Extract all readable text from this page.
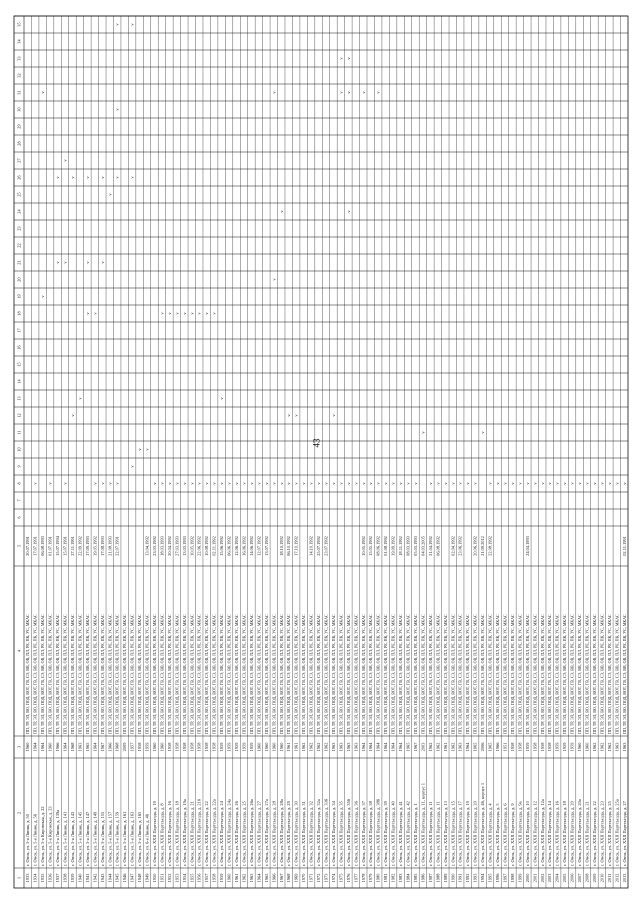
43
1
2
3
4
5
6
7
8
9
10
11
12
13
14
15
16
17
18
19
20
21
22
23
24
25
26
27
28
29
30
31
32
33
34
35
1933
г. Омск, ул. 5-я Линия, д. 50
1960
ПП, ТР, ЭЛ, ВО, ПОД, ВОТ, ГВ, СЭ, ВВ, ОВ, ПЛ, РЕ, ПК, УС, МКАС
20.07.1991
1934
г. Омск, ул. 5-я Линия, д. 56
1964
ПП, ТР, ЭЛ, ВО, ПОД, ВОТ, ГВ, СЭ, ВВ, ОВ, ПЛ, РЕ, ПК, УС, МКАС
17.07.1991
v
1935
г. Омск, ул. 5-я Кировская, д. 22
1964
ПП, ТР, ЭЛ, ВО, ПОД, ВОТ, ГВ, СЭ, ВВ, ОВ, ПЛ, РЕ, ПК, УС, МКАС
06.08.1993
v
v
1936
г. Омск, ул. 5-я Кировская, д. 23
1960
ПП, ТР, ЭЛ, ВО, ПОД, ВОТ, ГВ, СЭ, ВВ, ОВ, ПЛ, РЕ, ПК, УС, МКАС
01.07.1991
v
1937
г. Омск, ул. 5-я Линия, д. 139а
1966
ПП, ТР, ЭЛ, ВО, ПОД, ВОТ, ГВ, СЭ, ВВ, ОВ, ПЛ, РЕ, ПК, УС, МКАС
15.07.1994
v
v
1938
г. Омск, ул. 5-я Линия, д. 141
1964
ПП, ТР, ЭЛ, ВО, ПОД, ВОТ, ГВ, СЭ, ВВ, ОВ, ПЛ, РЕ, ПК, УС, МКАС
15.07.1991
v
v
v
1939
г. Омск, ул. 5-я Линия, д. 143
1968
ПП, ТР, ЭЛ, ВО, ПОД, ВОТ, ГВ, СЭ, ВВ, ОВ, ПЛ, РЕ, ПК, УС, МКАС
27.11.1991
v
v
1940
г. Омск, ул. 5-я Линия, д. 145
1963
ПП, ТР, ЭЛ, ВО, ПОД, ВОТ, ГВ, СЭ, ВВ, ОВ, ПЛ, РЕ, ПК, УС, МКАС
22.09.1992
v
1941
г. Омск, ул. 5-я Линия, д. 147
1965
ПП, ТР, ЭЛ, ВО, ПОД, ВОТ, ГВ, СЭ, ВВ, ОВ, ПЛ, РЕ, ПК, УС, МКАС
17.09.1993
v
v
v
1942
г. Омск, ул. 5-я Линия, д. 149
1964
ПП, ТР, ЭЛ, ВО, ПОД, ВОТ, ГВ, СЭ, ВВ, ОВ, ПЛ, РЕ, ПК, УС, МКАС
19.05.1992
v
v
1943
г. Омск, ул. 5-я Линия, д. 155
1967
ПП, ТР, ЭЛ, ВО, ПОД, ВОТ, ГВ, СЭ, ВВ, ОВ, ПЛ, РЕ, ПК, УС, МКАС
17.08.1993
v
v
v
1944
г. Омск, ул. 5-я Линия, д. 157
1966
ПП, ТР, ЭЛ, ВО, ПОД, ВОТ, ГВ, СЭ, ВВ, ОВ, ПЛ, РЕ, ПК, УС, МКАС
21.08.1993
v
v
1945
г. Омск, ул. 5-я Линия, д. 159
1968
ПП, ТР, ЭЛ, ВО, ПОД, ВОТ, ГВ, СЭ, ВВ, ОВ, ПЛ, РЕ, ПК, УС, МКАС
22.07.1991
v
v
v
v
1946
г. Омск, ул. 5-я Линия, д. 161
2009
ПП, ТР, ЭЛ, ВО, ПОД, ВОТ, ГВ, СЭ, ВВ, ОВ, ПЛ, РЕ, ПК, УС, МКАС
1947
г. Омск, ул. 5-я Линия, д. 163
1957
ПП, ТР, ЭЛ, ВО, ПОД, ВОТ, ГВ, СЭ, ВВ, ОВ, ПЛ, РЕ, ПК, УС, МКАС
v
v
v
1948
г. Омск, ул. 5-я Линия, д. 165
1958
ПП, ТР, ЭЛ, ВО, ПОД, ВОТ, ГВ, СЭ, ВВ, ОВ, ПЛ, РЕ, ПК, УС, МКАС
v
1949
г. Омск, ул. 6-я Линия, д. 46
1959
ПП, ТР, ЭЛ, ВО, ПОД, ВОТ, ГВ, СЭ, ВВ, ОВ, ПЛ, РЕ, ПК, УС, МКАС
13.04.1992
v
1950
г. Омск, ул. XXII Партсъезда, д. 19
1960
ПП, ТР, ЭЛ, ВО, ПОД, ВОТ, ГВ, СЭ, ВВ, ОВ, ПЛ, РЕ, ПК, УС, МКАС
23.03.1992
v
1951
г. Омск, ул. XXII Партсъезда, д. 8
1960
ПП, ТР, ЭЛ, ВО, ПОД, ВОТ, ГВ, СЭ, ВВ, ОВ, ПЛ, РЕ, ПК, УС, МКАС
18.03.1993
v
v
1952
г. Омск, ул. XXII Партсъезда, д. 16
1958
ПП, ТР, ЭЛ, ВО, ПОД, ВОТ, ГВ, СЭ, ВВ, ОВ, ПЛ, РЕ, ПК, УС, МКАС
20.04.1992
v
v
1953
г. Омск, ул. XXII Партсъезда, д. 18
1958
ПП, ТР, ЭЛ, ВО, ПОД, ВОТ, ГВ, СЭ, ВВ, ОВ, ПЛ, РЕ, ПК, УС, МКАС
27.03.1993
v
v
1954
г. Омск, ул. XXII Партсъезда, д. 19а
1958
ПП, ТР, ЭЛ, ВО, ПОД, ВОТ, ГВ, СЭ, ВВ, ОВ, ПЛ, РЕ, ПК, УС, МКАС
13.03.1993
v
v
1955
г. Омск, ул. XXII Партсъезда, д. 21
1958
ПП, ТР, ЭЛ, ВО, ПОД, ВОТ, ГВ, СЭ, ВВ, ОВ, ПЛ, РЕ, ПК, УС, МКАС
10.05.1992
v
v
1956
г. Омск, ул. XXII Партсъезда, д. 21б
1958
ПП, ТР, ЭЛ, ВО, ПОД, ВОТ, ГВ, СЭ, ВВ, ОВ, ПЛ, РЕ, ПК, УС, МКАС
22.06.1992
v
v
1957
г. Омск, ул. XXII Партсъезда, д. 22
1958
ПП, ТР, ЭЛ, ВО, ПОД, ВОТ, ГВ, СЭ, ВВ, ОВ, ПЛ, РЕ, ПК, УС, МКАС
10.08.1992
v
v
1958
г. Омск, ул. XXII Партсъезда, д. 22а
1958
ПП, ТР, ЭЛ, ВО, ПОД, ВОТ, ГВ, СЭ, ВВ, ОВ, ПЛ, РЕ, ПК, УС, МКАС
02.11.1992
v
v
1959
г. Омск, ул. XXII Партсъезда, д. 24
1959
ПП, ТР, ЭЛ, ВО, ПОД, ВОТ, ГВ, СЭ, ВВ, ОВ, ПЛ, РЕ, ПК, УС, МКАС
15.06.1992
v
v
1960
г. Омск, ул. XXII Партсъезда, д. 24а
1959
ПП, ТР, ЭЛ, ВО, ПОД, ВОТ, ГВ, СЭ, ВВ, ОВ, ПЛ, РЕ, ПК, УС, МКАС
06.06.1992
v
1961
г. Омск, ул. XXII Партсъезда, д. 26
1959
ПП, ТР, ЭЛ, ВО, ПОД, ВОТ, ГВ, СЭ, ВВ, ОВ, ПЛ, РЕ, ПК, УС, МКАС
12.06.1992
v
1962
г. Омск, ул. XXII Партсъезда, д. 25
1959
ПП, ТР, ЭЛ, ВО, ПОД, ВОТ, ГВ, СЭ, ВВ, ОВ, ПЛ, РЕ, ПК, УС, МКАС
16.06.1992
v
1963
г. Омск, ул. XXII Партсъезда, д. 26а
1959
ПП, ТР, ЭЛ, ВО, ПОД, ВОТ, ГВ, СЭ, ВВ, ОВ, ПЛ, РЕ, ПК, УС, МКАС
14.06.1992
v
1964
г. Омск, ул. XXII Партсъезда, д. 27
1960
ПП, ТР, ЭЛ, ВО, ПОД, ВОТ, ГВ, СЭ, ВВ, ОВ, ПЛ, РЕ, ПК, УС, МКАС
12.07.1992
v
1965
г. Омск, ул. XXII Партсъезда, д. 27а
1960
ПП, ТР, ЭЛ, ВО, ПОД, ВОТ, ГВ, СЭ, ВВ, ОВ, ПЛ, РЕ, ПК, УС, МКАС
13.07.1992
v
1966
г. Омск, ул. XXII Партсъезда, д. 28
1960
ПП, ТР, ЭЛ, ВО, ПОД, ВОТ, ГВ, СЭ, ВВ, ОВ, ПЛ, РЕ, ПК, УС, МКАС
v
v
v
1967
г. Омск, ул. XXII Партсъезда, д. 28а
1960
ПП, ТР, ЭЛ, ВО, ПОД, ВОТ, ГВ, СЭ, ВВ, ОВ, ПЛ, РЕ, ПК, УС, МКАС
18.10.1992
v
v
1968
г. Омск, ул. XXII Партсъезда, д. 29
1961
ПП, ТР, ЭЛ, ВО, ПОД, ВОТ, ГВ, СЭ, ВВ, ОВ, ПЛ, РЕ, ПК, УС, МКАС
06.10.1992
v
v
1969
г. Омск, ул. XXII Партсъезда, д. 30
1961
ПП, ТР, ЭЛ, ВО, ПОД, ВОТ, ГВ, СЭ, ВВ, ОВ, ПЛ, РЕ, ПК, УС, МКАС
17.10.1992
v
v
1970
г. Омск, ул. XXII Партсъезда, д. 31
1962
ПП, ТР, ЭЛ, ВО, ПОД, ВОТ, ГВ, СЭ, ВВ, ОВ, ПЛ, РЕ, ПК, УС, МКАС
v
1971
г. Омск, ул. XXII Партсъезда, д. 32
1962
ПП, ТР, ЭЛ, ВО, ПОД, ВОТ, ГВ, СЭ, ВВ, ОВ, ПЛ, РЕ, ПК, УС, МКАС
14.10.1992
v
1972
г. Омск, ул. XXII Партсъезда, д. 32а
1962
ПП, ТР, ЭЛ, ВО, ПОД, ВОТ, ГВ, СЭ, ВВ, ОВ, ПЛ, РЕ, ПК, УС, МКАС
25.07.1992
v
1973
г. Омск, ул. XXII Партсъезда, д. 33б
1962
ПП, ТР, ЭЛ, ВО, ПОД, ВОТ, ГВ, СЭ, ВВ, ОВ, ПЛ, РЕ, ПК, УС, МКАС
23.07.1992
v
1974
г. Омск, ул. XXII Партсъезда, д. 34
1963
ПП, ТР, ЭЛ, ВО, ПОД, ВОТ, ГВ, СЭ, ВВ, ОВ, ПЛ, РЕ, ПК, УС, МКАС
v
v
1975
г. Омск, ул. XXII Партсъезда, д. 35
1963
ПП, ТР, ЭЛ, ВО, ПОД, ВОТ, ГВ, СЭ, ВВ, ОВ, ПЛ, РЕ, ПК, УС, МКАС
v
v
v
1976
г. Омск, ул. XXII Партсъезда, д. 35б
1963
ПП, ТР, ЭЛ, ВО, ПОД, ВОТ, ГВ, СЭ, ВВ, ОВ, ПЛ, РЕ, ПК, УС, МКАС
v
v
v
v
1977
г. Омск, ул. XXII Партсъезда, д. 36
1963
ПП, ТР, ЭЛ, ВО, ПОД, ВОТ, ГВ, СЭ, ВВ, ОВ, ПЛ, РЕ, ПК, УС, МКАС
v
1978
г. Омск, ул. XXII Партсъезда, д. 37
1964
ПП, ТР, ЭЛ, ВО, ПОД, ВОТ, ГВ, СЭ, ВВ, ОВ, ПЛ, РЕ, ПК, УС, МКАС
10.05.1992
v
v
1979
г. Омск, ул. XXII Партсъезда, д. 38
1964
ПП, ТР, ЭЛ, ВО, ПОД, ВОТ, ГВ, СЭ, ВВ, ОВ, ПЛ, РЕ, ПК, УС, МКАС
15.05.1992
v
1980
г. Омск, ул. XXII Партсъезда, д. 38б
1964
ПП, ТР, ЭЛ, ВО, ПОД, ВОТ, ГВ, СЭ, ВВ, ОВ, ПЛ, РЕ, ПК, УС, МКАС
08.06.1992
v
v
1981
г. Омск, ул. XXII Партсъезда, д. 39
1964
ПП, ТР, ЭЛ, ВО, ПОД, ВОТ, ГВ, СЭ, ВВ, ОВ, ПЛ, РЕ, ПК, УС, МКАС
01.08.1992
v
1982
г. Омск, ул. XXII Партсъезда, д. 40
1964
ПП, ТР, ЭЛ, ВО, ПОД, ВОТ, ГВ, СЭ, ВВ, ОВ, ПЛ, РЕ, ПК, УС, МКАС
19.09.1992
v
1983
г. Омск, ул. XXII Партсъезда, д. 41
1964
ПП, ТР, ЭЛ, ВО, ПОД, ВОТ, ГВ, СЭ, ВВ, ОВ, ПЛ, РЕ, ПК, УС, МКАС
18.11.1992
v
1984
г. Омск, ул. XXII Партсъезда, д. 42
1965
ПП, ТР, ЭЛ, ВО, ПОД, ВОТ, ГВ, СЭ, ВВ, ОВ, ПЛ, РЕ, ПК, УС, МКАС
08.03.1993
v
1985
г. Омск, ул. XXII Партсъезда, д. 1
1967
ПП, ТР, ЭЛ, ВО, ПОД, ВОТ, ГВ, СЭ, ВВ, ОВ, ПЛ, РЕ, ПК, УС, МКАС
05.03.1993
v
1986
г. Омск, ул. XXII Партсъезда, д. 11, корпус 1
2003
ПП, ТР, ЭЛ, ВО, ПОД, ВОТ, ГВ, СЭ, ВВ, ОВ, ПЛ, РЕ, ПК, УС, МКАС
04.03.2005
v
1987
г. Омск, ул. XXII Партсъезда, д. 11
1962
ПП, ТР, ЭЛ, ВО, ПОД, ВОТ, ГВ, СЭ, ВВ, ОВ, ПЛ, РЕ, ПК, УС, МКАС
21.04.1992
v
1988
г. Омск, ул. XXII Партсъезда, д. 11
1962
ПП, ТР, ЭЛ, ВО, ПОД, ВОТ, ГВ, СЭ, ВВ, ОВ, ПЛ, РЕ, ПК, УС, МКАС
06.08.1992
v
1989
г. Омск, ул. XXII Партсъезда, д. 13
1961
ПП, ТР, ЭЛ, ВО, ПОД, ВОТ, ГВ, СЭ, ВВ, ОВ, ПЛ, РЕ, ПК, УС, МКАС
v
1990
г. Омск, ул. XXII Партсъезда, д. 15
1962
ПП, ТР, ЭЛ, ВО, ПОД, ВОТ, ГВ, СЭ, ВВ, ОВ, ПЛ, РЕ, ПК, УС, МКАС
02.04.1992
v
1991
г. Омск, ул. XXII Партсъезда, д. 17
1963
ПП, ТР, ЭЛ, ВО, ПОД, ВОТ, ГВ, СЭ, ВВ, ОВ, ПЛ, РЕ, ПК, УС, МКАС
23.06.1992
v
1992
г. Омск, ул. XXII Партсъезда, д. 19
1964
ПП, ТР, ЭЛ, ВО, ПОД, ВОТ, ГВ, СЭ, ВВ, ОВ, ПЛ, РЕ, ПК, УС, МКАС
v
1993
г. Омск, ул. XXII Партсъезда, д. 20
1965
ПП, ТР, ЭЛ, ВО, ПОД, ВОТ, ГВ, СЭ, ВВ, ОВ, ПЛ, РЕ, ПК, УС, МКАС
20.06.1992
v
1994
г. Омск, ул. XXII Партсъезда, д. 4б, корпус 1
2006
ПП, ТР, ЭЛ, ВО, ПОД, ВОТ, ГВ, СЭ, ВВ, ОВ, ПЛ, РЕ, ПК, УС, МКАС
21.09.2012
v
1995
г. Омск, ул. XXII Партсъезда, д. 4
1965
ПП, ТР, ЭЛ, ВО, ПОД, ВОТ, ГВ, СЭ, ВВ, ОВ, ПЛ, РЕ, ПК, УС, МКАС
22.08.1992
v
1996
г. Омск, ул. XXII Партсъезда, д. 5
1966
ПП, ТР, ЭЛ, ВО, ПОД, ВОТ, ГВ, СЭ, ВВ, ОВ, ПЛ, РЕ, ПК, УС, МКАС
v
1997
г. Омск, ул. XXII Партсъезда, д. 6
1951
ПП, ТР, ЭЛ, ВО, ПОД, ВОТ, ГВ, СЭ, ВВ, ОВ, ПЛ, РЕ, ПК, УС, МКАС
v
1998
г. Омск, ул. XXII Партсъезда, д. 9
1958
ПП, ТР, ЭЛ, ВО, ПОД, ВОТ, ГВ, СЭ, ВВ, ОВ, ПЛ, РЕ, ПК, УС, МКАС
v
1999
г. Омск, ул. XXII Партсъезда, д. 9а
1958
ПП, ТР, ЭЛ, ВО, ПОД, ВОТ, ГВ, СЭ, ВВ, ОВ, ПЛ, РЕ, ПК, УС, МКАС
v
2000
г. Омск, ул. XXII Партсъезда, д. 10
1959
ПП, ТР, ЭЛ, ВО, ПОД, ВОТ, ГВ, СЭ, ВВ, ОВ, ПЛ, РЕ, ПК, УС, МКАС
24.04.1993
v
2001
г. Омск, ул. XXII Партсъезда, д. 12
1958
ПП, ТР, ЭЛ, ВО, ПОД, ВОТ, ГВ, СЭ, ВВ, ОВ, ПЛ, РЕ, ПК, УС, МКАС
v
2002
г. Омск, ул. XXII Партсъезда, д. 12а
1958
ПП, ТР, ЭЛ, ВО, ПОД, ВОТ, ГВ, СЭ, ВВ, ОВ, ПЛ, РЕ, ПК, УС, МКАС
v
2003
г. Омск, ул. XXII Партсъезда, д. 14
1958
ПП, ТР, ЭЛ, ВО, ПОД, ВОТ, ГВ, СЭ, ВВ, ОВ, ПЛ, РЕ, ПК, УС, МКАС
v
2004
г. Омск, ул. XXII Партсъезда, д. 16
1959
ПП, ТР, ЭЛ, ВО, ПОД, ВОТ, ГВ, СЭ, ВВ, ОВ, ПЛ, РЕ, ПК, УС, МКАС
v
2005
г. Омск, ул. XXII Партсъезда, д. 18
1959
ПП, ТР, ЭЛ, ВО, ПОД, ВОТ, ГВ, СЭ, ВВ, ОВ, ПЛ, РЕ, ПК, УС, МКАС
v
2006
г. Омск, ул. XXII Партсъезда, д. 20
1959
ПП, ТР, ЭЛ, ВО, ПОД, ВОТ, ГВ, СЭ, ВВ, ОВ, ПЛ, РЕ, ПК, УС, МКАС
v
2007
г. Омск, ул. XXII Партсъезда, д. 20а
1960
ПП, ТР, ЭЛ, ВО, ПОД, ВОТ, ГВ, СЭ, ВВ, ОВ, ПЛ, РЕ, ПК, УС, МКАС
v
2008
г. Омск, ул. XXII Партсъезда, д. 21
1960
ПП, ТР, ЭЛ, ВО, ПОД, ВОТ, ГВ, СЭ, ВВ, ОВ, ПЛ, РЕ, ПК, УС, МКАС
v
2009
г. Омск, ул. XXII Партсъезда, д. 22
1962
ПП, ТР, ЭЛ, ВО, ПОД, ВОТ, ГВ, СЭ, ВВ, ОВ, ПЛ, РЕ, ПК, УС, МКАС
v
2010
г. Омск, ул. XXII Партсъезда, д. 23
1962
ПП, ТР, ЭЛ, ВО, ПОД, ВОТ, ГВ, СЭ, ВВ, ОВ, ПЛ, РЕ, ПК, УС, МКАС
v
2011
г. Омск, ул. XXII Партсъезда, д. 25
1962
ПП, ТР, ЭЛ, ВО, ПОД, ВОТ, ГВ, СЭ, ВВ, ОВ, ПЛ, РЕ, ПК, УС, МКАС
v
2012
г. Омск, ул. XXII Партсъезда, д. 25а
1963
ПП, ТР, ЭЛ, ВО, ПОД, ВОТ, ГВ, СЭ, ВВ, ОВ, ПЛ, РЕ, ПК, УС, МКАС
v
2013
г. Омск, ул. XXII Партсъезда, д. 27
1963
ПП, ТР, ЭЛ, ВО, ПОД, ВОТ, ГВ, СЭ, ВВ, ОВ, ПЛ, РЕ, ПК, УС, МКАС
02.11.1991
v
